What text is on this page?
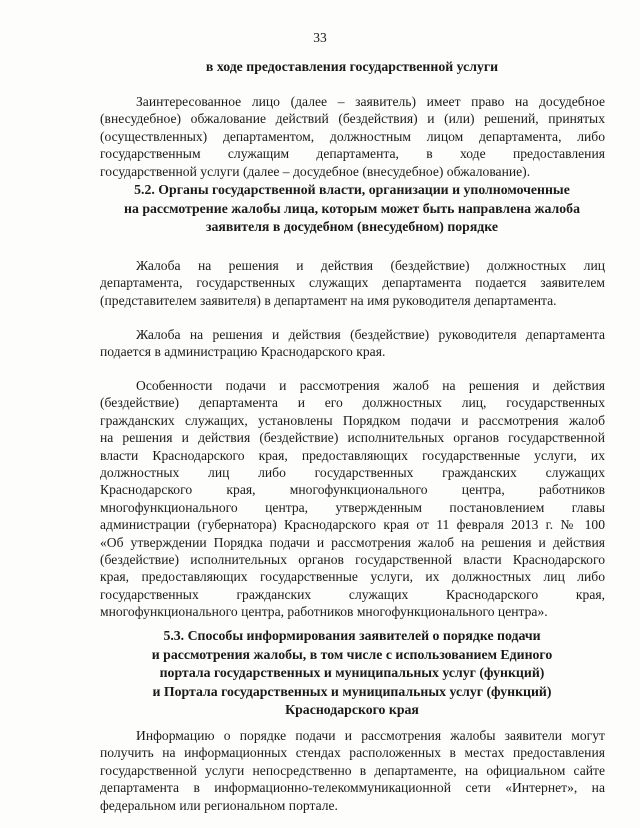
33

в ходе предоставления государственной услуги

Заинтересованное лицо (далее – заявитель) имеет право на досудебное
(внесудебное) обжалование действий (бездействия) и (или) решений, принятых
(осуществленных) департаментом, должностным лицом департамента, либо
государственным служащим департамента, в ходе предоставления
государственной услуги (далее – досудебное (внесудебное) обжалование).
5.2. Органы государственной власти, организации и уполномоченные
на рассмотрение жалобы лица, которым может быть направлена жалоба
заявителя в досудебном (внесудебном) порядке
Жалоба на решения и действия (бездействие) должностных лиц
департамента, государственных служащих департамента подается заявителем
(представителем заявителя) в департамент на имя руководителя департамента.
Жалоба на решения и действия (бездействие) руководителя департамента
подается в администрацию Краснодарского края.
Особенности подачи и рассмотрения жалоб на решения и действия
(бездействие) департамента и его должностных лиц, государственных
гражданских служащих, установлены Порядком подачи и рассмотрения жалоб
на решения и действия (бездействие) исполнительных органов государственной
власти Краснодарского края, предоставляющих государственные услуги, их
должностных лиц либо государственных гражданских служащих
Краснодарского края, многофункционального центра, работников
многофункционального центра, утвержденным постановлением главы
администрации (губернатора) Краснодарского края от 11 февраля 2013 г. № 100
«Об утверждении Порядка подачи и рассмотрения жалоб на решения и действия
(бездействие) исполнительных органов государственной власти Краснодарского
края, предоставляющих государственные услуги, их должностных лиц либо
государственных гражданских служащих Краснодарского края,
многофункционального центра, работников многофункционального центра».
5.3. Способы информирования заявителей о порядке подачи
и рассмотрения жалобы, в том числе с использованием Единого
портала государственных и муниципальных услуг (функций)
и Портала государственных и муниципальных услуг (функций)
Краснодарского края
Информацию о порядке подачи и рассмотрения жалобы заявители могут
получить на информационных стендах расположенных в местах предоставления
государственной услуги непосредственно в департаменте, на официальном сайте
департамента в информационно-телекоммуникационной сети «Интернет», на
федеральном или региональном портале.
